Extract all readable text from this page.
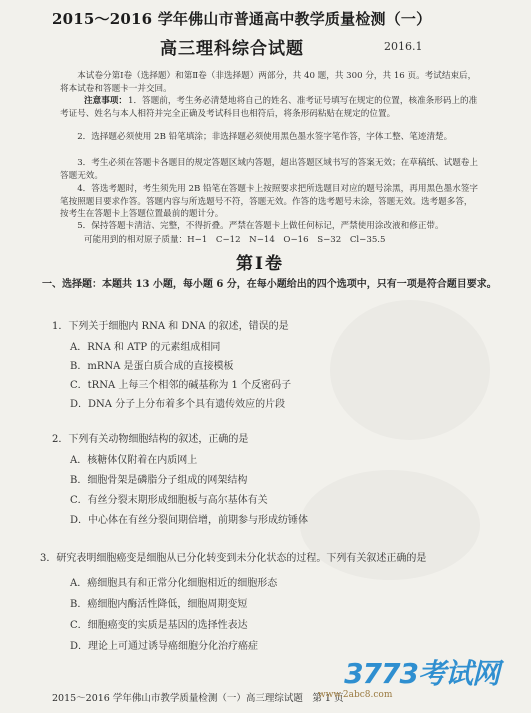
2015～2016 学年佛山市普通高中教学质量检测（一）
高三理科综合试题	2016.1
本试卷分第Ⅰ卷（选择题）和第Ⅱ卷（非选择题）两部分，共 40 题，共 300 分，共 16 页。考试结束后，将本试卷和答题卡一并交回。
注意事项： 1．答题前，考生务必清楚地将自己的姓名、准考证号填写在规定的位置，核准条形码上的准考证号、姓名与本人相符并完全正确及考试科目也相符后，将条形码粘贴在规定的位置。
2．选择题必须使用 2B 铅笔填涂；非选择题必须使用黑色墨水签字笔作答，字体工整、笔迹清楚。
3．考生必须在答题卡各题目的规定答题区域内答题，超出答题区域书写的答案无效；在草稿纸、试题卷上答题无效。
4．答选考题时，考生须先用 2B 铅笔在答题卡上按照要求把所选题目对应的题号涂黑，再用黑色墨水签字笔按照题目要求作答。答题内容与所选题号不符，答题无效。作答的选考题号未涂，答题无效。选考题多答，按考生在答题卡上答题位置最前的题计分。
5．保持答题卡清洁、完整，不得折叠。严禁在答题卡上做任何标记，严禁使用涂改液和修正带。
可能用到的相对原子质量：H−1　C−12　N−14　O−16　S−32　Cl−35.5
第Ⅰ卷
一、选择题：本题共 13 小题，每小题 6 分，在每小题给出的四个选项中，只有一项是符合题目要求。
1．下列关于细胞内 RNA 和 DNA 的叙述，错误的是
A．RNA 和 ATP 的元素组成相同
B．mRNA 是蛋白质合成的直接模板
C．tRNA 上每三个相邻的碱基称为 1 个反密码子
D．DNA 分子上分布着多个具有遗传效应的片段
2．下列有关动物细胞结构的叙述，正确的是
A．核糖体仅附着在内质网上
B．细胞骨架是磷脂分子组成的网架结构
C．有丝分裂末期形成细胞板与高尔基体有关
D．中心体在有丝分裂间期倍增，前期参与形成纺锤体
3．研究表明细胞癌变是细胞从已分化转变到未分化状态的过程。下列有关叙述正确的是
A．癌细胞具有和正常分化细胞相近的细胞形态
B．癌细胞内酶活性降低，细胞周期变短
C．细胞癌变的实质是基因的选择性表达
D．理论上可通过诱导癌细胞分化治疗癌症
2015～2016 学年佛山市教学质量检测（一）高三理综试题　第 1 页
3773考试网
www.2abc8.com
